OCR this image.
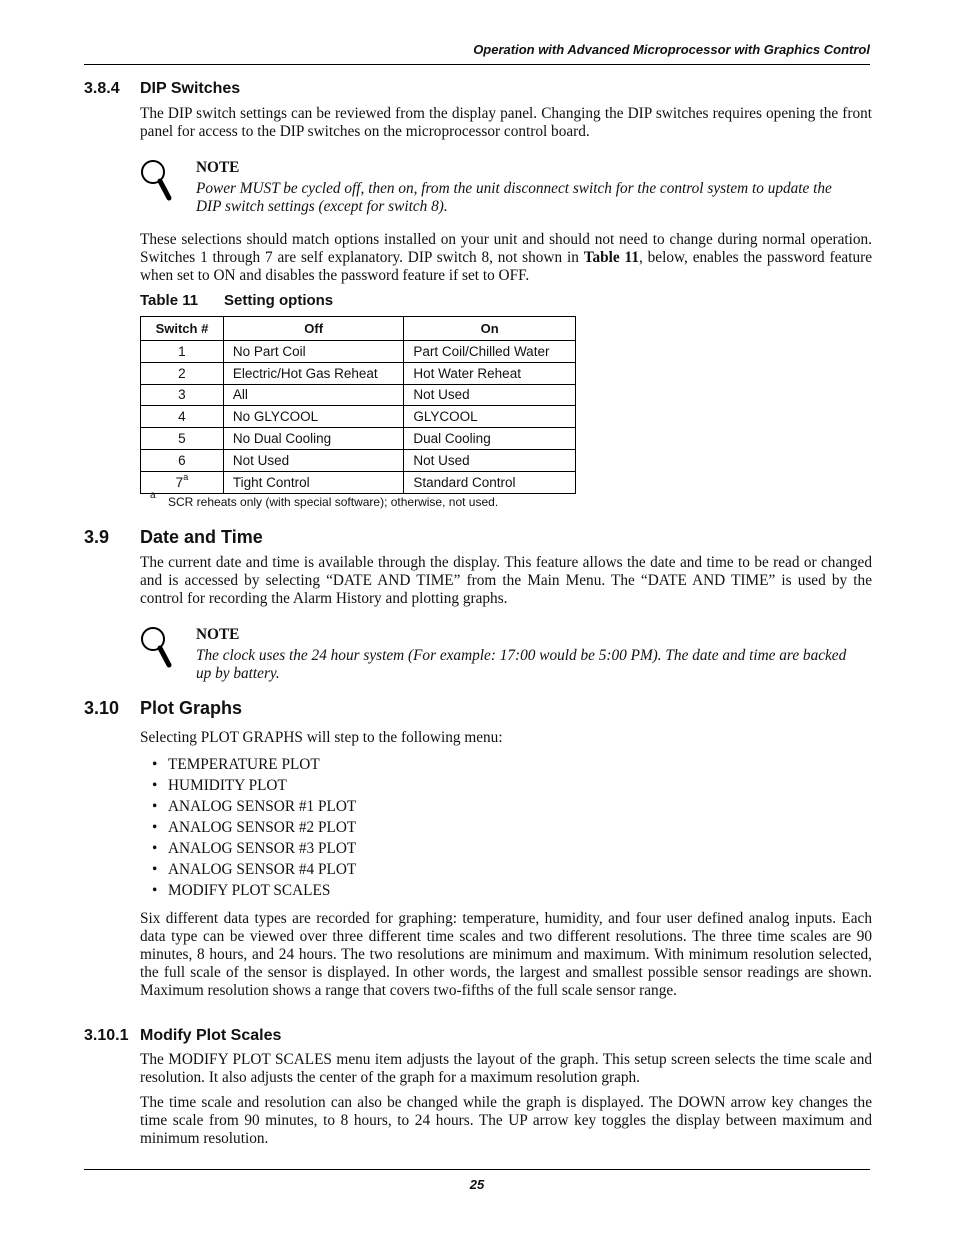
Operation with Advanced Microprocessor with Graphics Control
3.8.4 DIP Switches
The DIP switch settings can be reviewed from the display panel. Changing the DIP switches requires opening the front panel for access to the DIP switches on the microprocessor control board.
NOTE
Power MUST be cycled off, then on, from the unit disconnect switch for the control system to update the DIP switch settings (except for switch 8).
These selections should match options installed on your unit and should not need to change during normal operation. Switches 1 through 7 are self explanatory. DIP switch 8, not shown in Table 11, below, enables the password feature when set to ON and disables the password feature if set to OFF.
Table 11 Setting options
Switch #	Off	On
1	No Part Coil	Part Coil/Chilled Water
2	Electric/Hot Gas Reheat	Hot Water Reheat
3	All	Not Used
4	No GLYCOOL	GLYCOOL
5	No Dual Cooling	Dual Cooling
6	Not Used	Not Used
7$^a$	Tight Control	Standard Control
a SCR reheats only (with special software); otherwise, not used.
3.9 Date and Time
The current date and time is available through the display. This feature allows the date and time to be read or changed and is accessed by selecting “DATE AND TIME” from the Main Menu. The “DATE AND TIME” is used by the control for recording the Alarm History and plotting graphs.
NOTE
The clock uses the 24 hour system (For example: 17:00 would be 5:00 PM). The date and time are backed up by battery.
3.10 Plot Graphs
Selecting PLOT GRAPHS will step to the following menu:
• TEMPERATURE PLOT
• HUMIDITY PLOT
• ANALOG SENSOR #1 PLOT
• ANALOG SENSOR #2 PLOT
• ANALOG SENSOR #3 PLOT
• ANALOG SENSOR #4 PLOT
• MODIFY PLOT SCALES
Six different data types are recorded for graphing: temperature, humidity, and four user defined analog inputs. Each data type can be viewed over three different time scales and two different resolutions. The three time scales are 90 minutes, 8 hours, and 24 hours. The two resolutions are minimum and maximum. With minimum resolution selected, the full scale of the sensor is displayed. In other words, the largest and smallest possible sensor readings are shown. Maximum resolution shows a range that covers two-fifths of the full scale sensor range.
3.10.1 Modify Plot Scales
The MODIFY PLOT SCALES menu item adjusts the layout of the graph. This setup screen selects the time scale and resolution. It also adjusts the center of the graph for a maximum resolution graph.
The time scale and resolution can also be changed while the graph is displayed. The DOWN arrow key changes the time scale from 90 minutes, to 8 hours, to 24 hours. The UP arrow key toggles the display between maximum and minimum resolution.
25
